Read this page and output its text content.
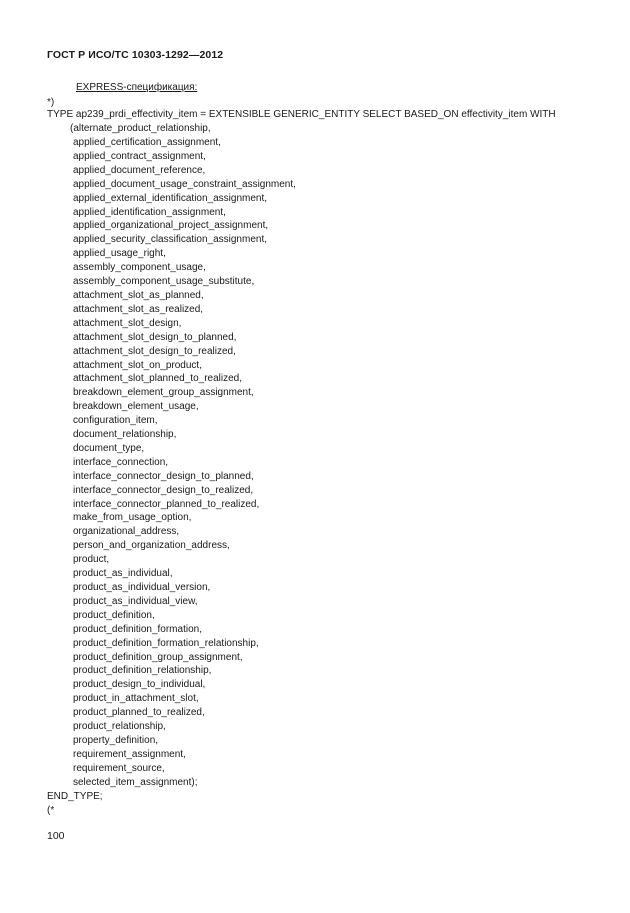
ГОСТ Р ИСО/ТС 10303-1292—2012
EXPRESS-спецификация:
*)
TYPE ap239_prdi_effectivity_item = EXTENSIBLE GENERIC_ENTITY SELECT BASED_ON effectivity_item WITH
(alternate_product_relationship,
applied_certification_assignment,
applied_contract_assignment,
applied_document_reference,
applied_document_usage_constraint_assignment,
applied_external_identification_assignment,
applied_identification_assignment,
applied_organizational_project_assignment,
applied_security_classification_assignment,
applied_usage_right,
assembly_component_usage,
assembly_component_usage_substitute,
attachment_slot_as_planned,
attachment_slot_as_realized,
attachment_slot_design,
attachment_slot_design_to_planned,
attachment_slot_design_to_realized,
attachment_slot_on_product,
attachment_slot_planned_to_realized,
breakdown_element_group_assignment,
breakdown_element_usage,
configuration_item,
document_relationship,
document_type,
interface_connection,
interface_connector_design_to_planned,
interface_connector_design_to_realized,
interface_connector_planned_to_realized,
make_from_usage_option,
organizational_address,
person_and_organization_address,
product,
product_as_individual,
product_as_individual_version,
product_as_individual_view,
product_definition,
product_definition_formation,
product_definition_formation_relationship,
product_definition_group_assignment,
product_definition_relationship,
product_design_to_individual,
product_in_attachment_slot,
product_planned_to_realized,
product_relationship,
property_definition,
requirement_assignment,
requirement_source,
selected_item_assignment);
END_TYPE;
(*
100
